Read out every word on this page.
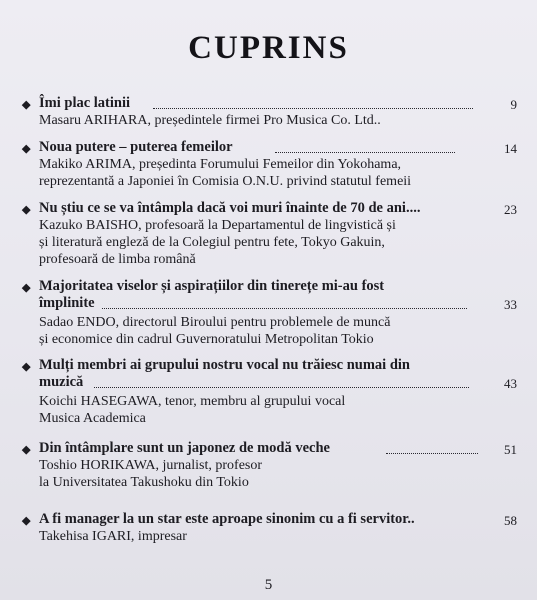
CUPRINS
◆ Îmi plac latinii	9
Masaru ARIHARA, președintele firmei Pro Musica Co. Ltd..
◆ Noua putere – puterea femeilor	14
Makiko ARIMA, președinta Forumului Femeilor din Yokohama,
reprezentantă a Japoniei în Comisia O.N.U. privind statutul femeii
◆ Nu știu ce se va întâmpla dacă voi muri înainte de 70 de ani....	23
Kazuko BAISHO, profesoară la Departamentul de lingvistică și
și literatură engleză de la Colegiul pentru fete, Tokyo Gakuin,
profesoară de limba română
◆ Majoritatea viselor și aspirațiilor din tinerețe mi-au fost
împlinite	33
Sadao ENDO, directorul Biroului pentru problemele de muncă
și economice din cadrul Guvernoratului Metropolitan Tokio
◆ Mulți membri ai grupului nostru vocal nu trăiesc numai din
muzică	43
Koichi HASEGAWA, tenor, membru al grupului vocal
Musica Academica
◆ Din întâmplare sunt un japonez de modă veche	51
Toshio HORIKAWA, jurnalist, profesor
la Universitatea Takushoku din Tokio
◆ A fi manager la un star este aproape sinonim cu a fi servitor..	58
Takehisa IGARI, impresar
5
